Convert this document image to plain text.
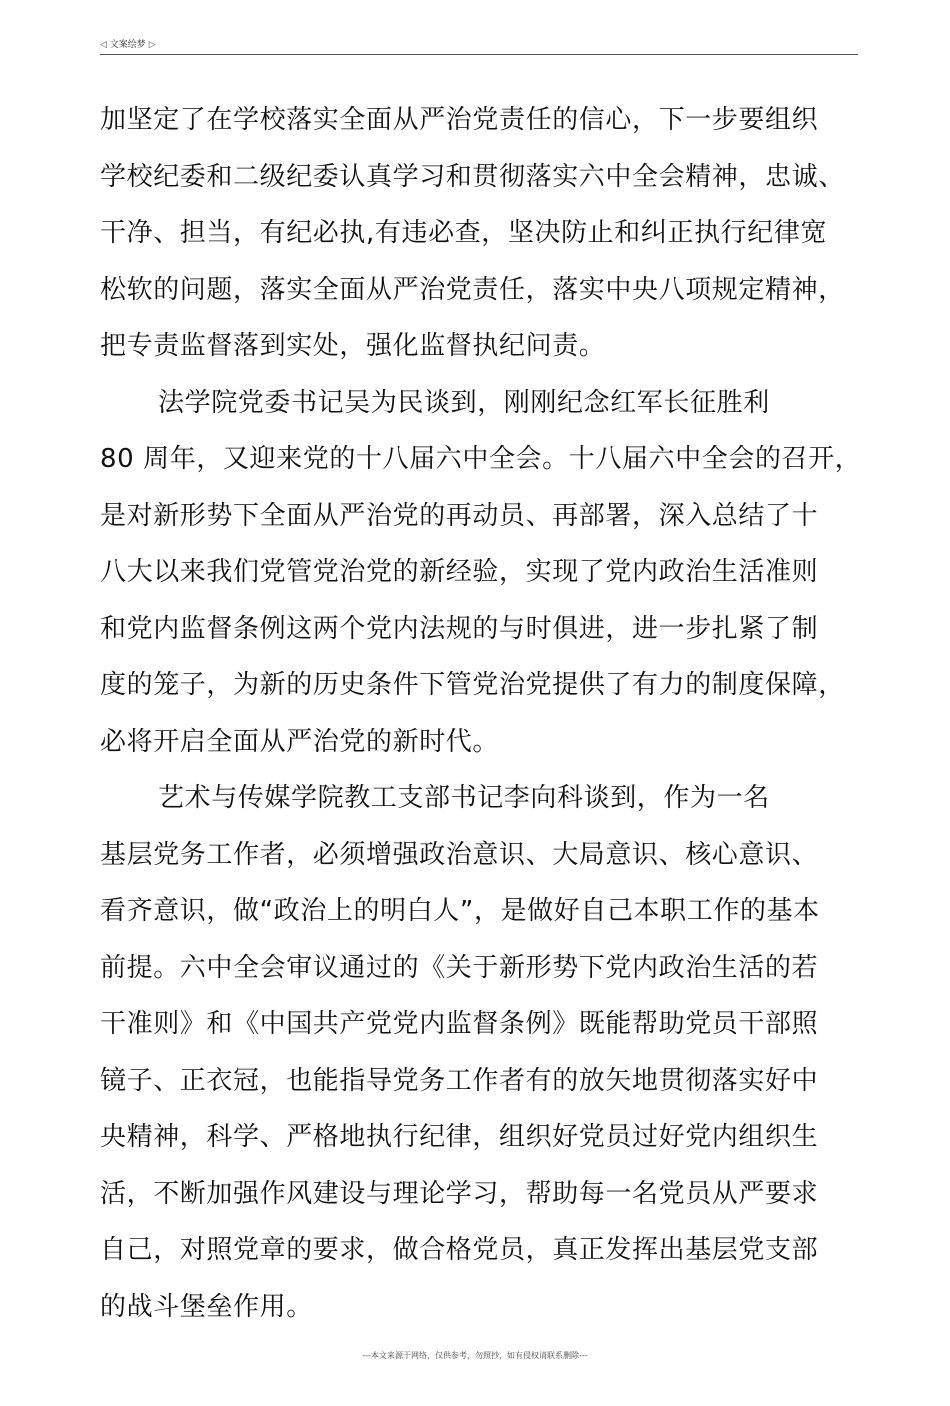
◁ 文案绘梦 ▷
加坚定了在学校落实全面从严治党责任的信心，下一步要组织
学校纪委和二级纪委认真学习和贯彻落实六中全会精神，忠诚、
干净、担当，有纪必执,有违必查，坚决防止和纠正执行纪律宽
松软的问题，落实全面从严治党责任，落实中央八项规定精神，
把专责监督落到实处，强化监督执纪问责。
法学院党委书记吴为民谈到，刚刚纪念红军长征胜利
80 周年，又迎来党的十八届六中全会。十八届六中全会的召开，
是对新形势下全面从严治党的再动员、再部署，深入总结了十
八大以来我们党管党治党的新经验，实现了党内政治生活准则
和党内监督条例这两个党内法规的与时俱进，进一步扎紧了制
度的笼子，为新的历史条件下管党治党提供了有力的制度保障，
必将开启全面从严治党的新时代。
艺术与传媒学院教工支部书记李向科谈到，作为一名
基层党务工作者，必须增强政治意识、大局意识、核心意识、
看齐意识，做“政治上的明白人”，是做好自己本职工作的基本
前提。六中全会审议通过的《关于新形势下党内政治生活的若
干准则》和《中国共产党党内监督条例》既能帮助党员干部照
镜子、正衣冠，也能指导党务工作者有的放矢地贯彻落实好中
央精神，科学、严格地执行纪律，组织好党员过好党内组织生
活，不断加强作风建设与理论学习，帮助每一名党员从严要求
自己，对照党章的要求，做合格党员，真正发挥出基层党支部
的战斗堡垒作用。
---本文来源于网络，仅供参考，勿照抄，如有侵权请联系删除---
